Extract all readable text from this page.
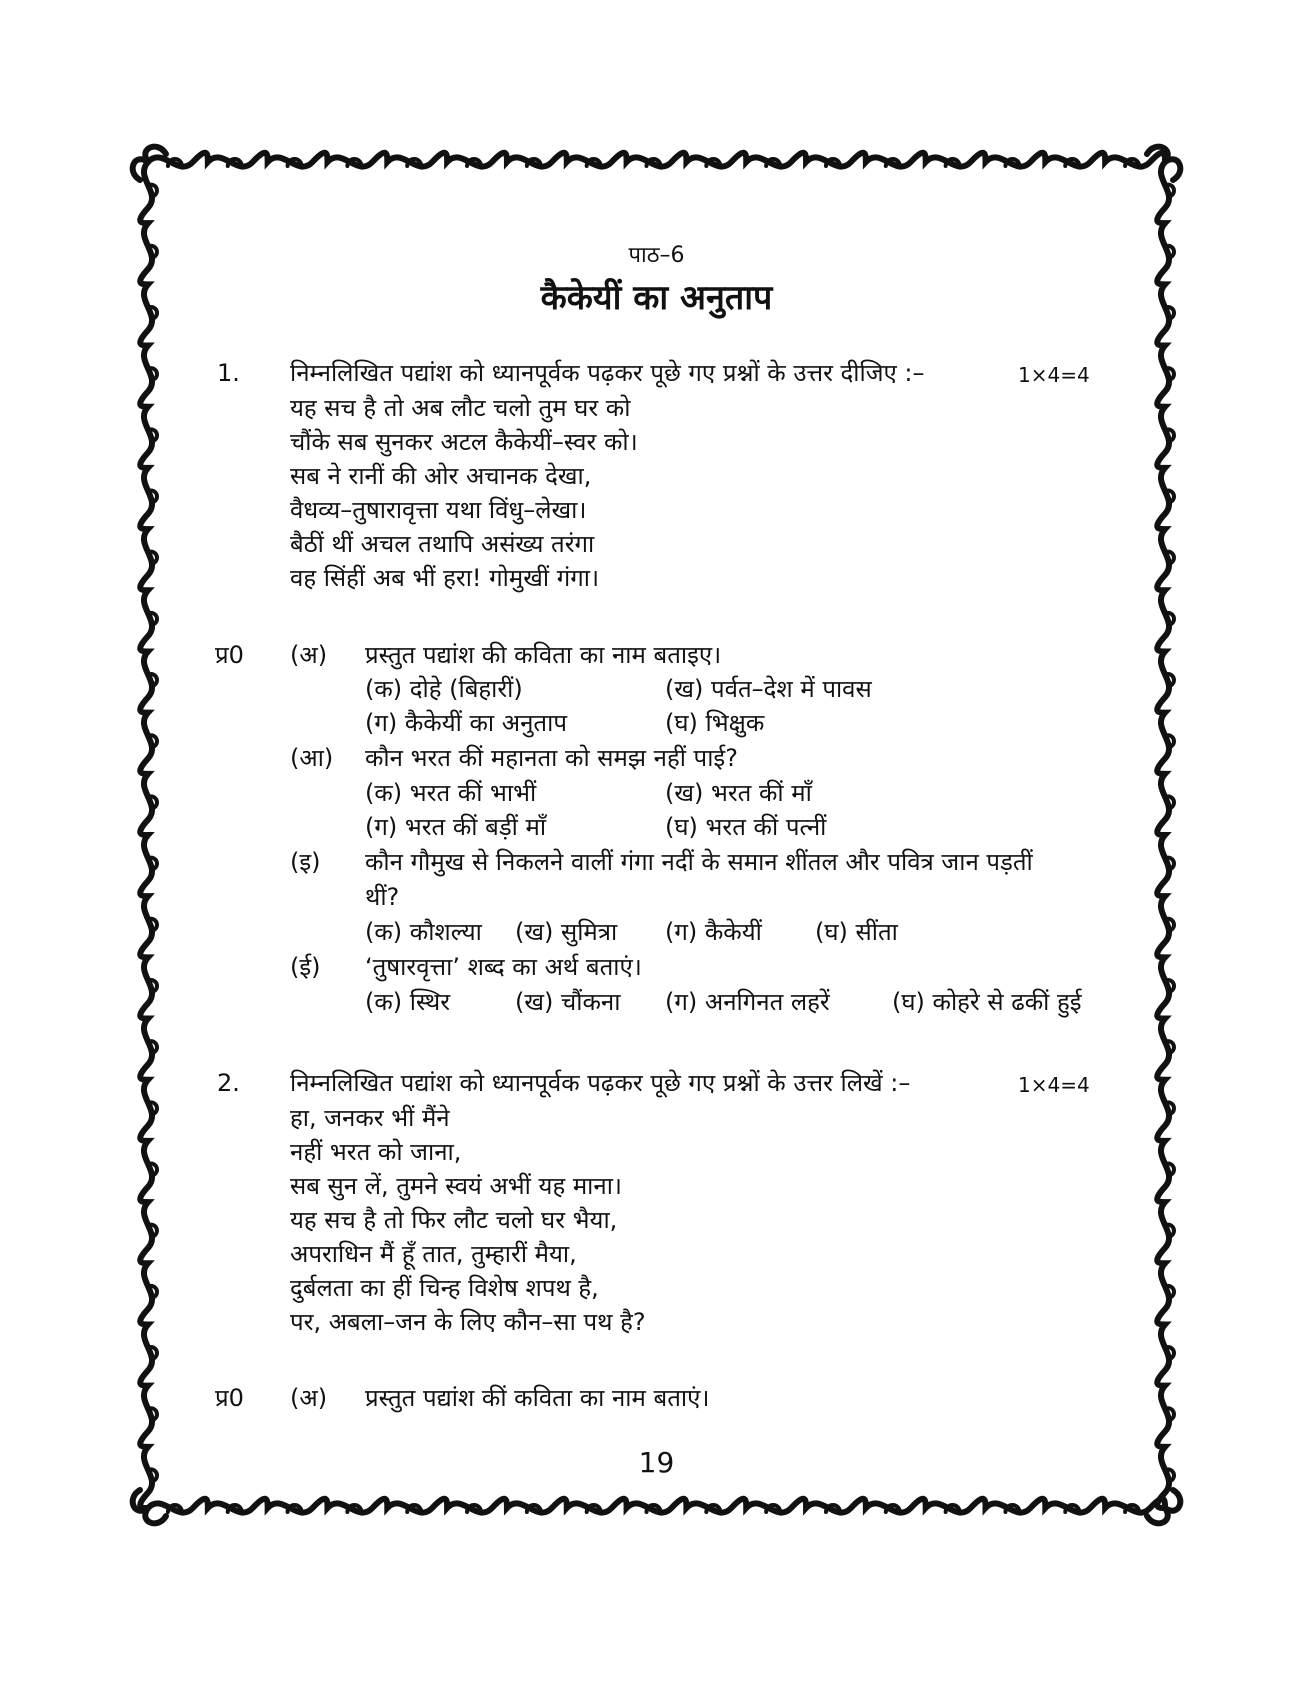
पाठ–6
कैकेयीं का अनुताप
1. निम्नलिखित पद्यांश को ध्यानपूर्वक पढ़कर पूछे गए प्रश्नों के उत्तर दीजिए :–	1×4=4
यह सच है तो अब लौट चलो तुम घर को
चौंके सब सुनकर अटल कैकेयीं–स्वर को।
सब ने रानीं की ओर अचानक देखा,
वैधव्य–तुषारावृत्ता यथा विंधु–लेखा।
बैठीं थीं अचल तथापि असंख्य तरंगा
वह सिंहीं अब भीं हरा! गोमुखीं गंगा।
प्र0 (अ) प्रस्तुत पद्यांश की कविता का नाम बताइए।
(क) दोहे (बिहारीं)	(ख) पर्वत–देश में पावस
(ग) कैकेयीं का अनुताप	(घ) भिक्षुक
(आ) कौन भरत कीं महानता को समझ नहीं पाई?
(क) भरत कीं भाभीं	(ख) भरत कीं माँ
(ग) भरत कीं बड़ीं माँ	(घ) भरत कीं पत्नीं
(इ) कौन गौमुख से निकलने वालीं गंगा नदीं के समान शींतल और पवित्र जान पड़तीं
थीं?
(क) कौशल्या (ख) सुमित्रा (ग) कैकेयीं (घ) सींता
(ई) ‘तुषारवृत्ता’ शब्द का अर्थ बताएं।
(क) स्थिर	(ख) चौंकना (ग) अनगिनत लहरें	(घ) कोहरे से ढकीं हुई
2. निम्नलिखित पद्यांश को ध्यानपूर्वक पढ़कर पूछे गए प्रश्नों के उत्तर लिखें :–	1×4=4
हा, जनकर भीं मैंने
नहीं भरत को जाना,
सब सुन लें, तुमने स्वयं अभीं यह माना।
यह सच है तो फिर लौट चलो घर भैया,
अपराधिन मैं हूँ तात, तुम्हारीं मैया,
दुर्बलता का हीं चिन्ह विशेष शपथ है,
पर, अबला–जन के लिए कौन–सा पथ है?
प्र0 (अ) प्रस्तुत पद्यांश कीं कविता का नाम बताएं।
19
